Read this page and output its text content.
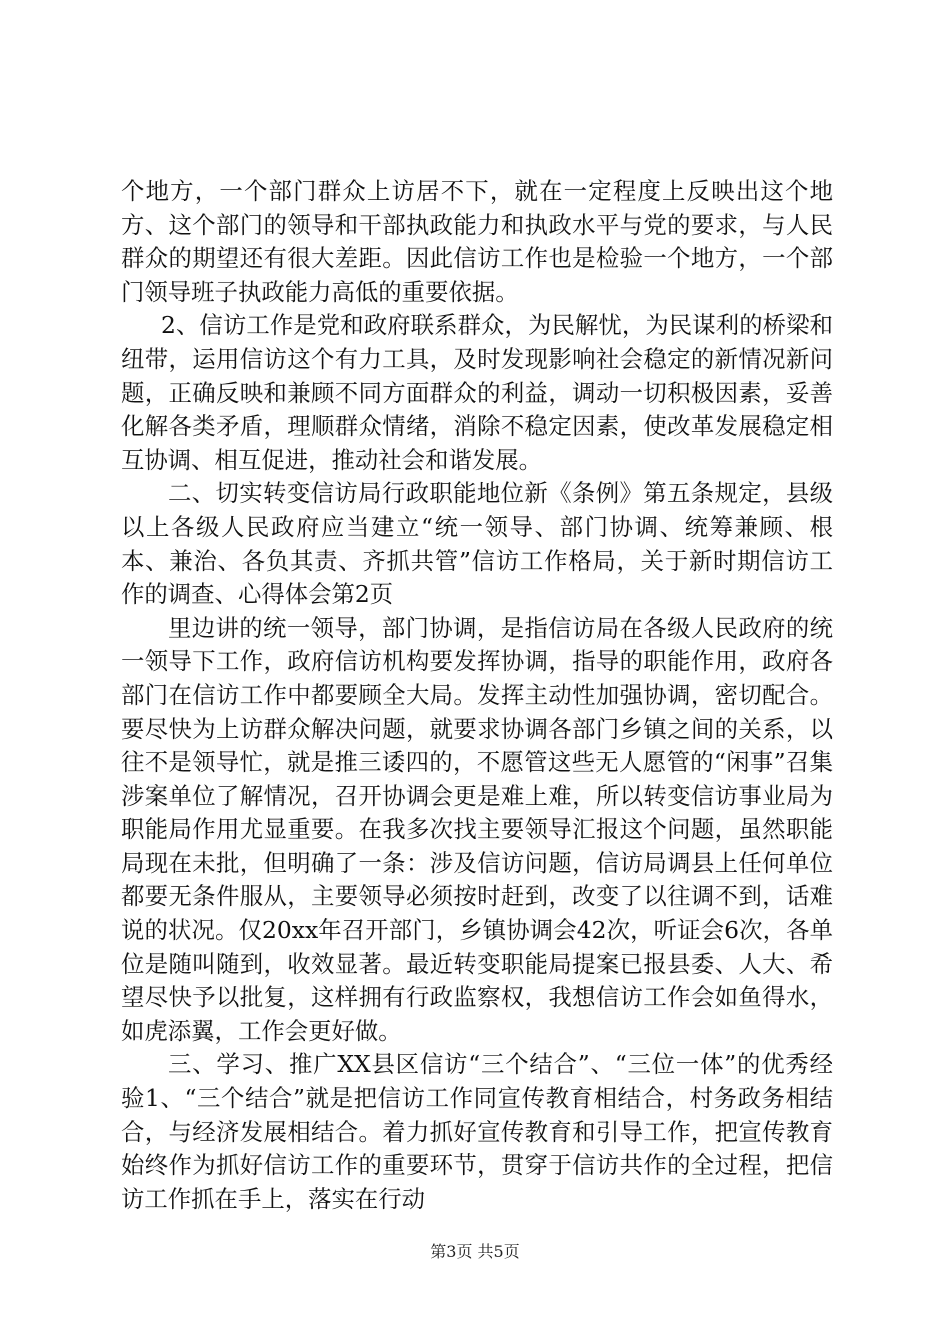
个地方，一个部门群众上访居不下，就在一定程度上反映出这个地方、这个部门的领导和干部执政能力和执政水平与党的要求，与人民群众的期望还有很大差距。因此信访工作也是检验一个地方，一个部门领导班子执政能力高低的重要依据。

2、信访工作是党和政府联系群众，为民解忧，为民谋利的桥梁和纽带，运用信访这个有力工具，及时发现影响社会稳定的新情况新问题，正确反映和兼顾不同方面群众的利益，调动一切积极因素，妥善化解各类矛盾，理顺群众情绪，消除不稳定因素，使改革发展稳定相互协调、相互促进，推动社会和谐发展。

二、切实转变信访局行政职能地位新《条例》第五条规定，县级以上各级人民政府应当建立“统一领导、部门协调、统筹兼顾、根本、兼治、各负其责、齐抓共管”信访工作格局，关于新时期信访工作的调查、心得体会第2页

里边讲的统一领导，部门协调，是指信访局在各级人民政府的统一领导下工作，政府信访机构要发挥协调，指导的职能作用，政府各部门在信访工作中都要顾全大局。发挥主动性加强协调，密切配合。要尽快为上访群众解决问题，就要求协调各部门乡镇之间的关系，以往不是领导忙，就是推三诿四的，不愿管这些无人愿管的“闲事”召集涉案单位了解情况，召开协调会更是难上难，所以转变信访事业局为职能局作用尤显重要。在我多次找主要领导汇报这个问题，虽然职能局现在未批，但明确了一条：涉及信访问题，信访局调县上任何单位都要无条件服从，主要领导必须按时赶到，改变了以往调不到，话难说的状况。仅20xx年召开部门，乡镇协调会42次，听证会6次，各单位是随叫随到，收效显著。最近转变职能局提案已报县委、人大、希望尽快予以批复，这样拥有行政监察权，我想信访工作会如鱼得水，如虎添翼，工作会更好做。

三、学习、推广XX县区信访“三个结合”、“三位一体”的优秀经验1、“三个结合”就是把信访工作同宣传教育相结合，村务政务相结合，与经济发展相结合。着力抓好宣传教育和引导工作，把宣传教育始终作为抓好信访工作的重要环节，贯穿于信访共作的全过程，把信访工作抓在手上，落实在行动

第3页 共5页
